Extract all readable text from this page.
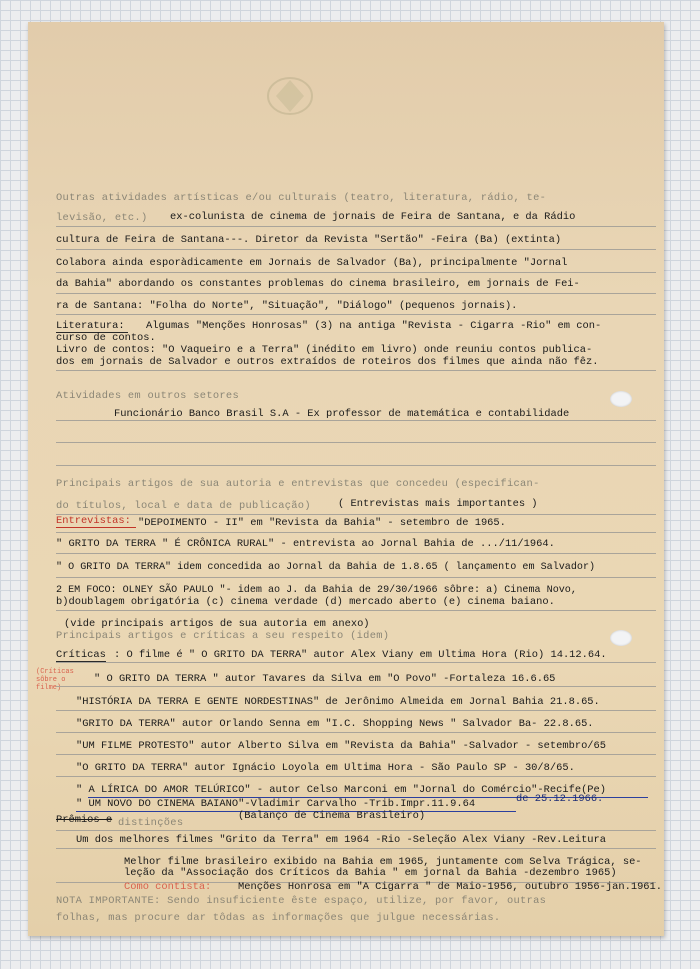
Outras atividades artísticas e/ou culturais (teatro, literatura, rádio, te-
levisão, etc.) ex-colunista de cinema de jornais de Feira de Santana, e da Rádio
cultura de Feira de Santana---. Diretor da Revista "Sertão" -Feira (Ba) (extinta)
Colabora ainda esporàdicamente em Jornais de Salvador (Ba), principalmente "Jornal
da Bahia" abordando os constantes problemas do cinema brasileiro, em jornais de Fei-
ra de Santana: "Folha do Norte", "Situação", "Diálogo" (pequenos jornais).
Literatura: Algumas "Menções Honrosas" (3) na antiga "Revista - Cigarra -Rio" em con-
curso de contos.
Livro de contos: "O Vaqueiro e a Terra" (inédito em livro) onde reuniu contos publica-
dos em jornais de Salvador e outros extraídos de roteiros dos filmes que ainda não fêz.
Atividades em outros setores
Funcionário Banco Brasil S.A - Ex professor de matemática e contabilidade
Principais artigos de sua autoria e entrevistas que concedeu (especifican-
do títulos, local e data de publicação)	( Entrevistas mais importantes )
Entrevistas: "DEPOIMENTO - II" em "Revista da Bahia" - setembro de 1965.
" GRITO DA TERRA " É CRÔNICA RURAL" - entrevista ao Jornal Bahia de .../11/1964.
" O GRITO DA TERRA" idem concedida ao Jornal da Bahia de 1.8.65 ( lançamento em Salvador)
2 EM FOCO: OLNEY SÃO PAULO "- idem ao J. da Bahia de 29/30/1966 sôbre: a) Cinema Novo,
b)doublagem obrigatória (c) cinema verdade (d) mercado aberto (e) cinema baiano.
(vide principais artigos de sua autoria em anexo)
Principais artigos e críticas a seu respeito (idem)
Críticas : O filme é " O GRITO DA TERRA" autor Alex Viany em Ultima Hora (Rio) 14.12.64.
(Críticas sôbre o filme)
" O GRITO DA TERRA " autor Tavares da Silva em "O Povo" -Fortaleza 16.6.65
"HISTÓRIA DA TERRA E GENTE NORDESTINAS" de Jerônimo Almeida em Jornal Bahia 21.8.65.
"GRITO DA TERRA" autor Orlando Senna em "I.C. Shopping News " Salvador Ba- 22.8.65.
"UM FILME PROTESTO" autor Alberto Silva em "Revista da Bahia" -Salvador - setembro/65
"O GRITO DA TERRA" autor Ignácio Loyola em Ultima Hora - São Paulo SP - 30/8/65.
" A LÍRICA DO AMOR TELÚRICO" - autor Celso Marconi em "Jornal do Comércio"-Recife(Pe)
de 25.12.1966.
" UM NOVO DO CINEMA BAIANO"-Vladimir Carvalho -Trib.Impr.11.9.64
Prêmios e distinções
(Balanço de Cinema Brasileiro)
Um dos melhores filmes "Grito da Terra" em 1964 -Rio -Seleção Alex Viany -Rev.Leitura
Melhor filme brasileiro exibido na Bahia em 1965, juntamente com Selva Trágica, se-
leção da "Associação dos Críticos da Bahia " em jornal da Bahia -dezembro 1965)
Como contista:	Menções Honrosa em "A Cigarra " de Maio-1956, outubro 1956-jan.1961.
NOTA IMPORTANTE: Sendo insuficiente êste espaço, utilize, por favor, outras
folhas, mas procure dar tôdas as informações que julgue necessárias.
